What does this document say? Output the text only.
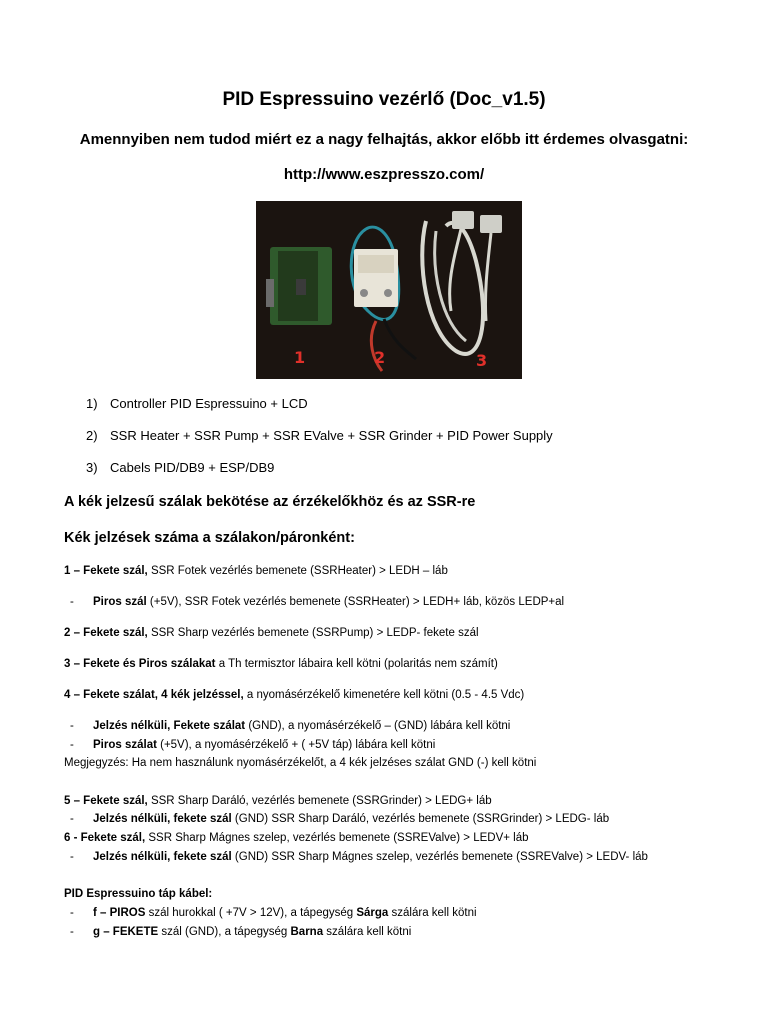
PID Espressuino vezérlő (Doc_v1.5)
Amennyiben nem tudod miért ez a nagy felhajtás, akkor előbb itt érdemes olvasgatni:
http://www.eszpresszo.com/
1	2	3
1) Controller PID Espressuino + LCD
2) SSR Heater + SSR Pump + SSR EValve + SSR Grinder + PID Power Supply
3) Cabels PID/DB9 + ESP/DB9
A kék jelzesű szálak bekötése az érzékelőkhöz és az SSR-re
Kék jelzések száma a szálakon/páronként:
1 – Fekete szál, SSR Fotek vezérlés bemenete (SSRHeater) > LEDH – láb
- Piros szál (+5V), SSR Fotek vezérlés bemenete (SSRHeater) > LEDH+ láb, közös LEDP+al
2 – Fekete szál, SSR Sharp vezérlés bemenete (SSRPump) > LEDP- fekete szál
3 – Fekete és Piros szálakat a Th termisztor lábaira kell kötni (polaritás nem számít)
4 – Fekete szálat, 4 kék jelzéssel, a nyomásérzékelő kimenetére kell kötni (0.5 - 4.5 Vdc)
- Jelzés nélküli, Fekete szálat (GND), a nyomásérzékelő – (GND) lábára kell kötni
- Piros szálat (+5V), a nyomásérzékelő + ( +5V táp) lábára kell kötni
Megjegyzés: Ha nem használunk nyomásérzékelőt, a 4 kék jelzéses szálat GND (-) kell kötni
5 – Fekete szál, SSR Sharp Daráló, vezérlés bemenete (SSRGrinder) > LEDG+ láb
- Jelzés nélküli, fekete szál (GND) SSR Sharp Daráló, vezérlés bemenete (SSRGrinder) > LEDG- láb
6 - Fekete szál, SSR Sharp Mágnes szelep, vezérlés bemenete (SSREValve) > LEDV+ láb
- Jelzés nélküli, fekete szál (GND) SSR Sharp Mágnes szelep, vezérlés bemenete (SSREValve) > LEDV- láb
PID Espressuino táp kábel:
- f – PIROS szál hurokkal ( +7V > 12V), a tápegység Sárga szálára kell kötni
- g – FEKETE szál (GND), a tápegység Barna szálára kell kötni
